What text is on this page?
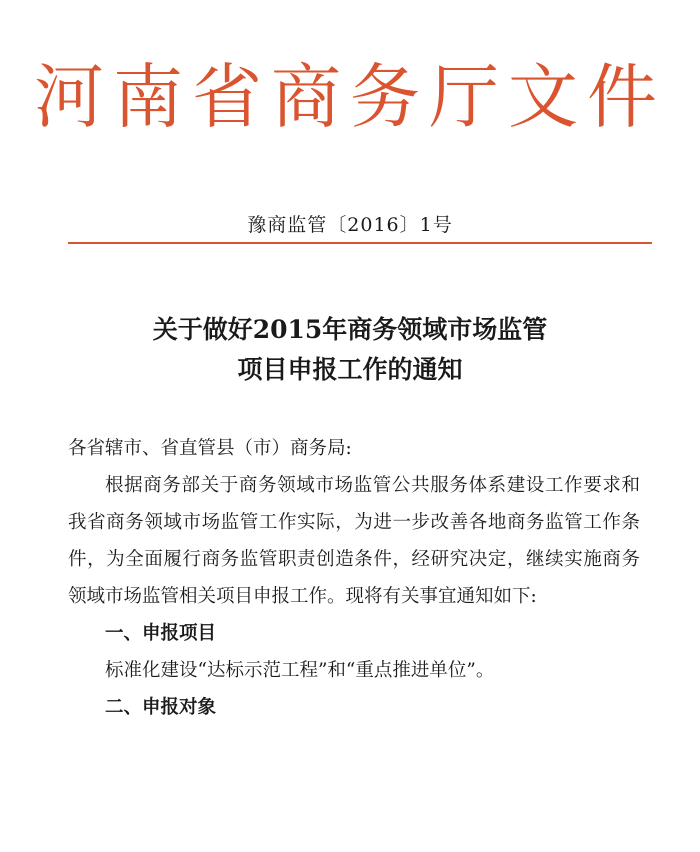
河南省商务厅文件
豫商监管〔2016〕1号
关于做好2015年商务领域市场监管
项目申报工作的通知

各省辖市、省直管县（市）商务局:

根据商务部关于商务领域市场监管公共服务体系建设工作要求和我省商务领域市场监管工作实际，为进一步改善各地商务监管工作条件，为全面履行商务监管职责创造条件，经研究决定，继续实施商务领域市场监管相关项目申报工作。现将有关事宜通知如下:

一、申报项目

标准化建设“达标示范工程”和“重点推进单位”。

二、申报对象
